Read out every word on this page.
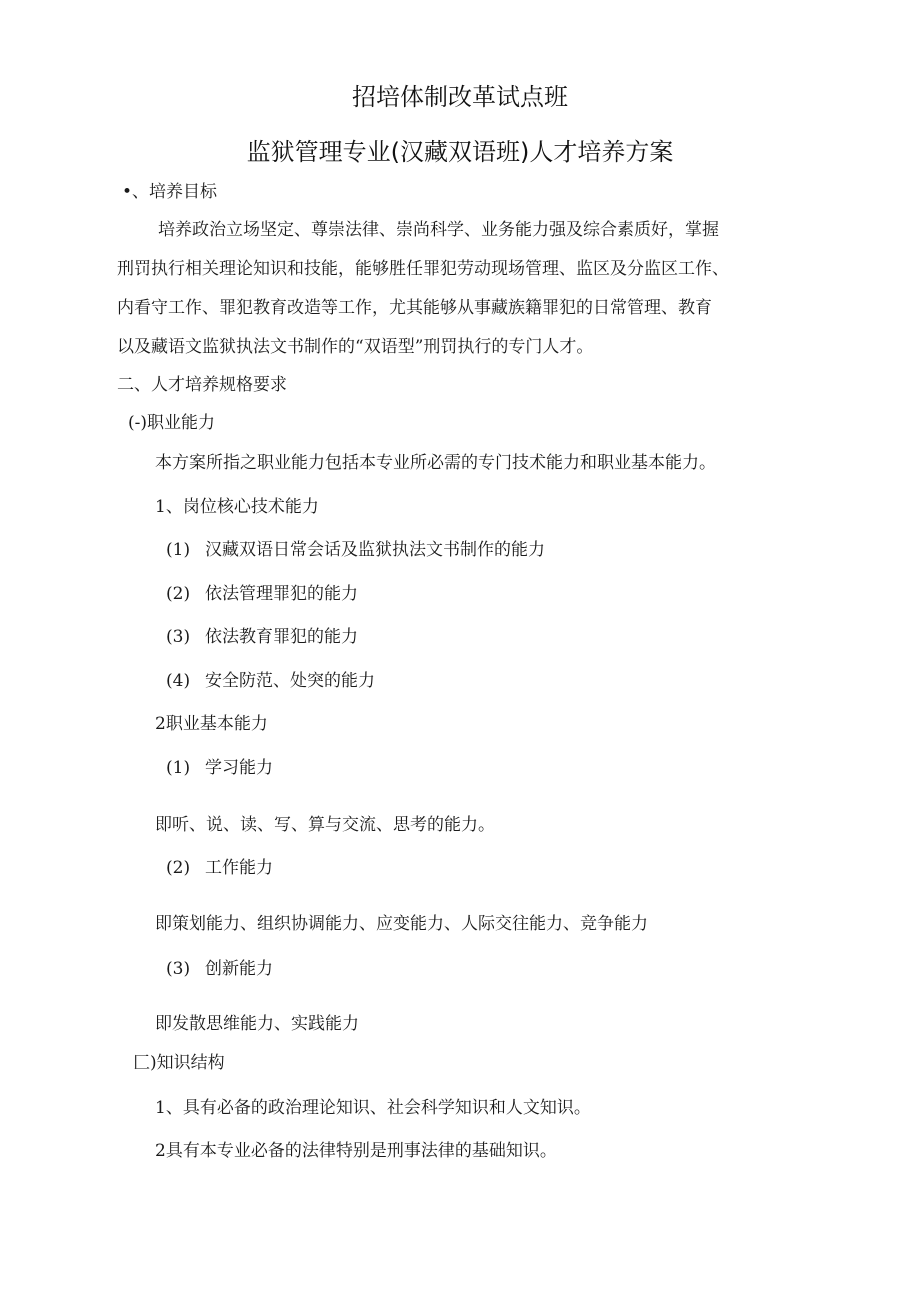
招培体制改革试点班
监狱管理专业(汉藏双语班)人才培养方案
•、培养目标
培养政治立场坚定、尊崇法律、崇尚科学、业务能力强及综合素质好，掌握
刑罚执行相关理论知识和技能，能够胜任罪犯劳动现场管理、监区及分监区工作、
内看守工作、罪犯教育改造等工作，尤其能够从事藏族籍罪犯的日常管理、教育
以及藏语文监狱执法文书制作的“双语型”刑罚执行的专门人才。
二、人才培养规格要求
(-)职业能力
本方案所指之职业能力包括本专业所必需的专门技术能力和职业基本能力。
1、岗位核心技术能力
(1) 汉藏双语日常会话及监狱执法文书制作的能力
(2) 依法管理罪犯的能力
(3) 依法教育罪犯的能力
(4) 安全防范、处突的能力
2职业基本能力
(1) 学习能力
即听、说、读、写、算与交流、思考的能力。
(2) 工作能力
即策划能力、组织协调能力、应变能力、人际交往能力、竞争能力
(3) 创新能力
即发散思维能力、实践能力
匚)知识结构
1、具有必备的政治理论知识、社会科学知识和人文知识。
2具有本专业必备的法律特别是刑事法律的基础知识。
